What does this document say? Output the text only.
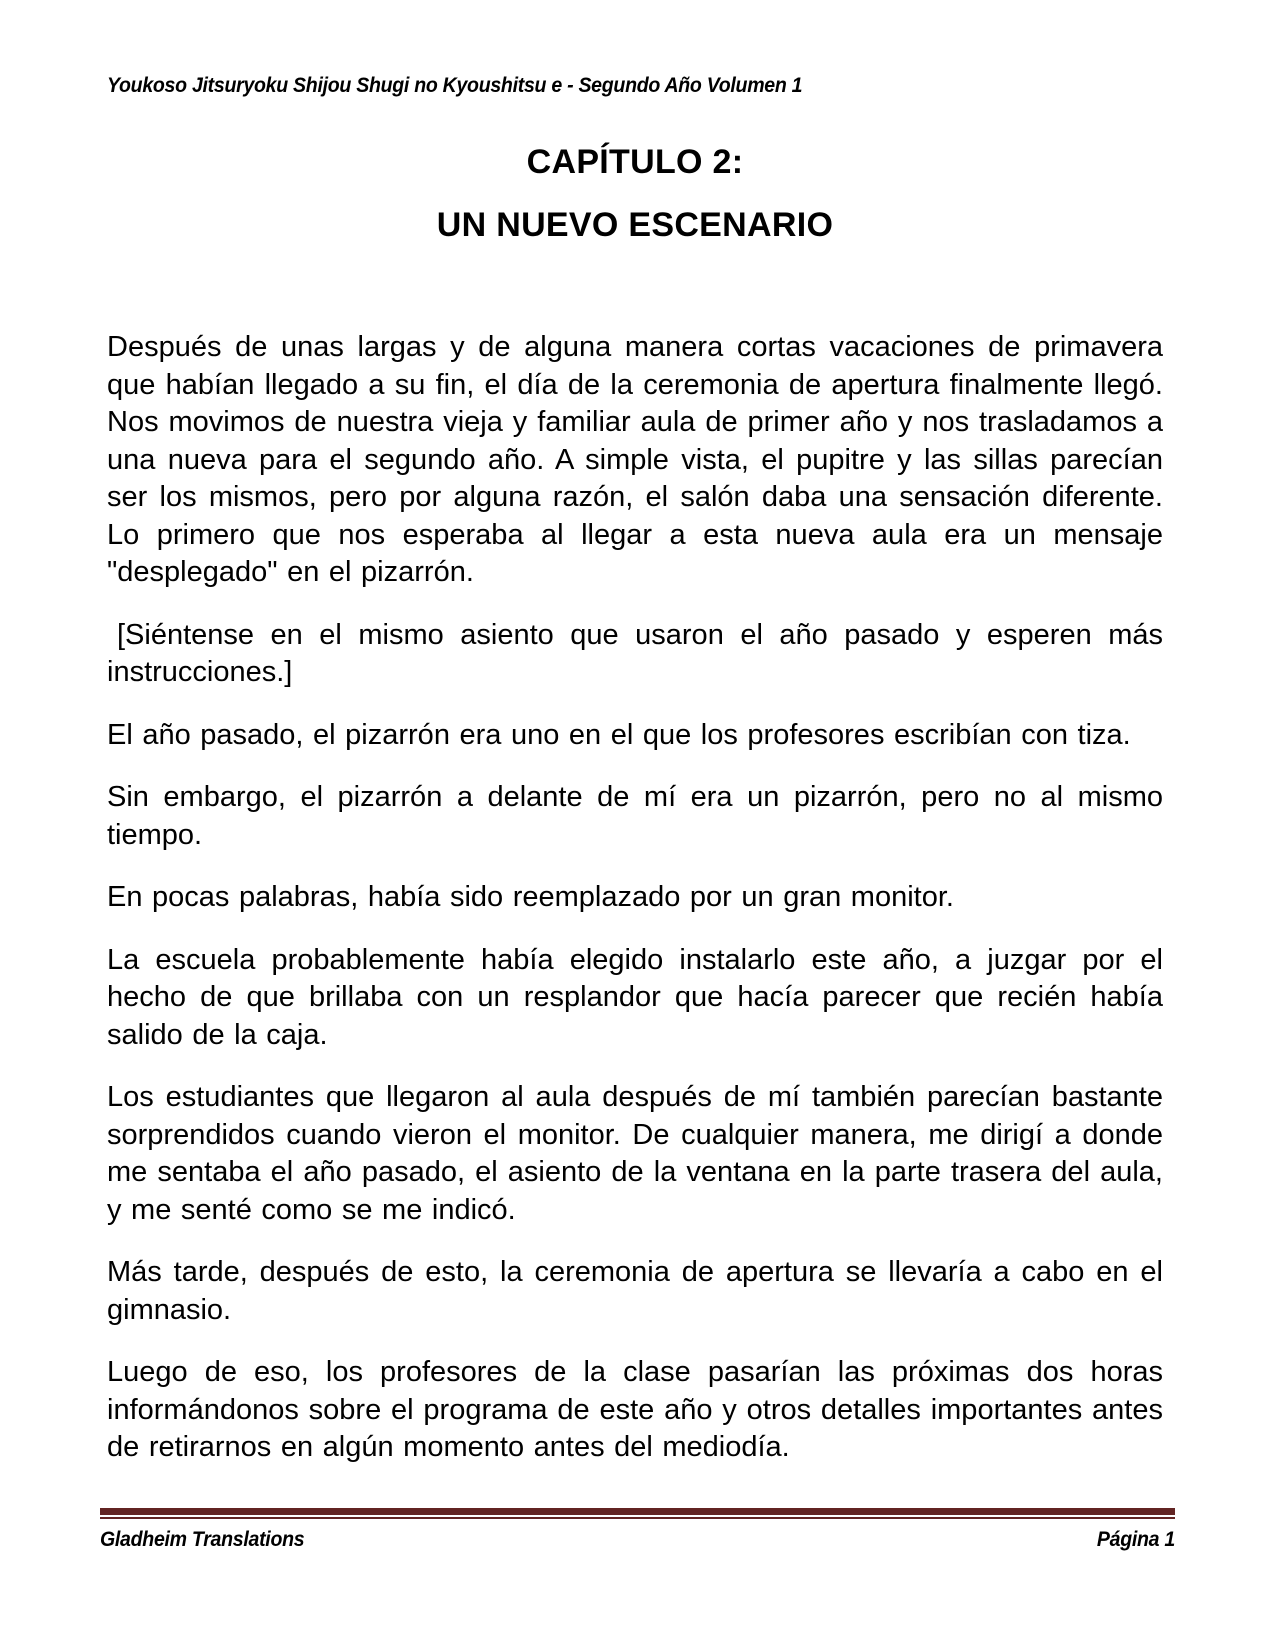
Youkoso Jitsuryoku Shijou Shugi no Kyoushitsu e - Segundo Año Volumen 1
CAPÍTULO 2:
UN NUEVO ESCENARIO

Después de unas largas y de alguna manera cortas vacaciones de primavera que habían llegado a su fin, el día de la ceremonia de apertura finalmente llegó. Nos movimos de nuestra vieja y familiar aula de primer año y nos trasladamos a una nueva para el segundo año. A simple vista, el pupitre y las sillas parecían ser los mismos, pero por alguna razón, el salón daba una sensación diferente. Lo primero que nos esperaba al llegar a esta nueva aula era un mensaje "desplegado" en el pizarrón.

[Siéntense en el mismo asiento que usaron el año pasado y esperen más instrucciones.]

El año pasado, el pizarrón era uno en el que los profesores escribían con tiza.

Sin embargo, el pizarrón a delante de mí era un pizarrón, pero no al mismo tiempo.

En pocas palabras, había sido reemplazado por un gran monitor.

La escuela probablemente había elegido instalarlo este año, a juzgar por el hecho de que brillaba con un resplandor que hacía parecer que recién había salido de la caja.

Los estudiantes que llegaron al aula después de mí también parecían bastante sorprendidos cuando vieron el monitor. De cualquier manera, me dirigí a donde me sentaba el año pasado, el asiento de la ventana en la parte trasera del aula, y me senté como se me indicó.

Más tarde, después de esto, la ceremonia de apertura se llevaría a cabo en el gimnasio.

Luego de eso, los profesores de la clase pasarían las próximas dos horas informándonos sobre el programa de este año y otros detalles importantes antes de retirarnos en algún momento antes del mediodía.

Gladheim Translations	Página 1
